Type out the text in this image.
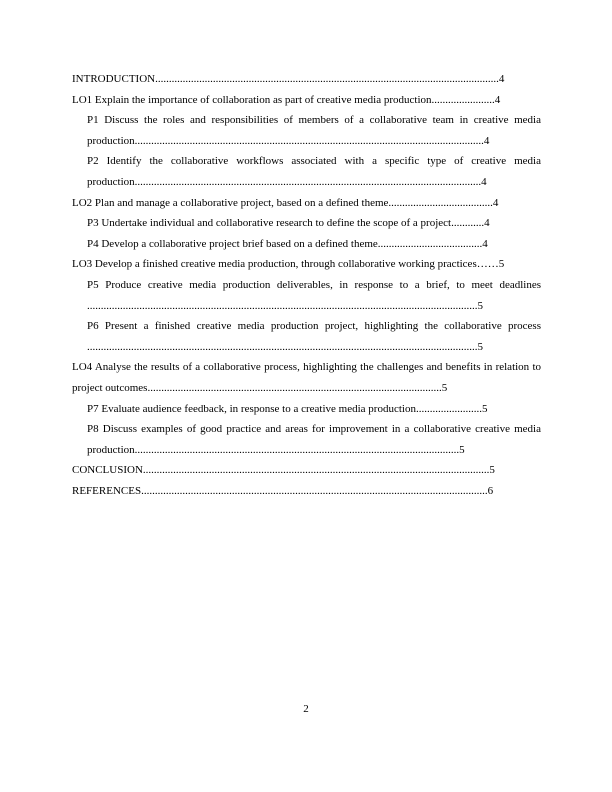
INTRODUCTION.............................................................................................................................4
LO1 Explain the importance of collaboration as part of creative media production.......................4
P1 Discuss the roles and responsibilities of members of a collaborative team in creative media production...............................................................................................................................4
P2 Identify the collaborative workflows associated with a specific type of creative media production..............................................................................................................................4
LO2 Plan and manage a collaborative project, based on a defined theme......................................4
P3 Undertake individual and collaborative research to define the scope of a project............4
P4 Develop a collaborative project brief based on a defined theme......................................4
LO3 Develop a finished creative media production, through collaborative working practices……5
P5 Produce creative media production deliverables, in response to a brief, to meet deadlines ..............................................................................................................................................5
P6 Present a finished creative media production project, highlighting the collaborative process ..............................................................................................................................................5
LO4 Analyse the results of a collaborative process, highlighting the challenges and benefits in relation to project outcomes...........................................................................................................5
P7 Evaluate audience feedback, in response to a creative media production........................5
P8 Discuss examples of good practice and areas for improvement in a collaborative creative media production......................................................................................................................5
CONCLUSION..............................................................................................................................5
REFERENCES..............................................................................................................................6
2
